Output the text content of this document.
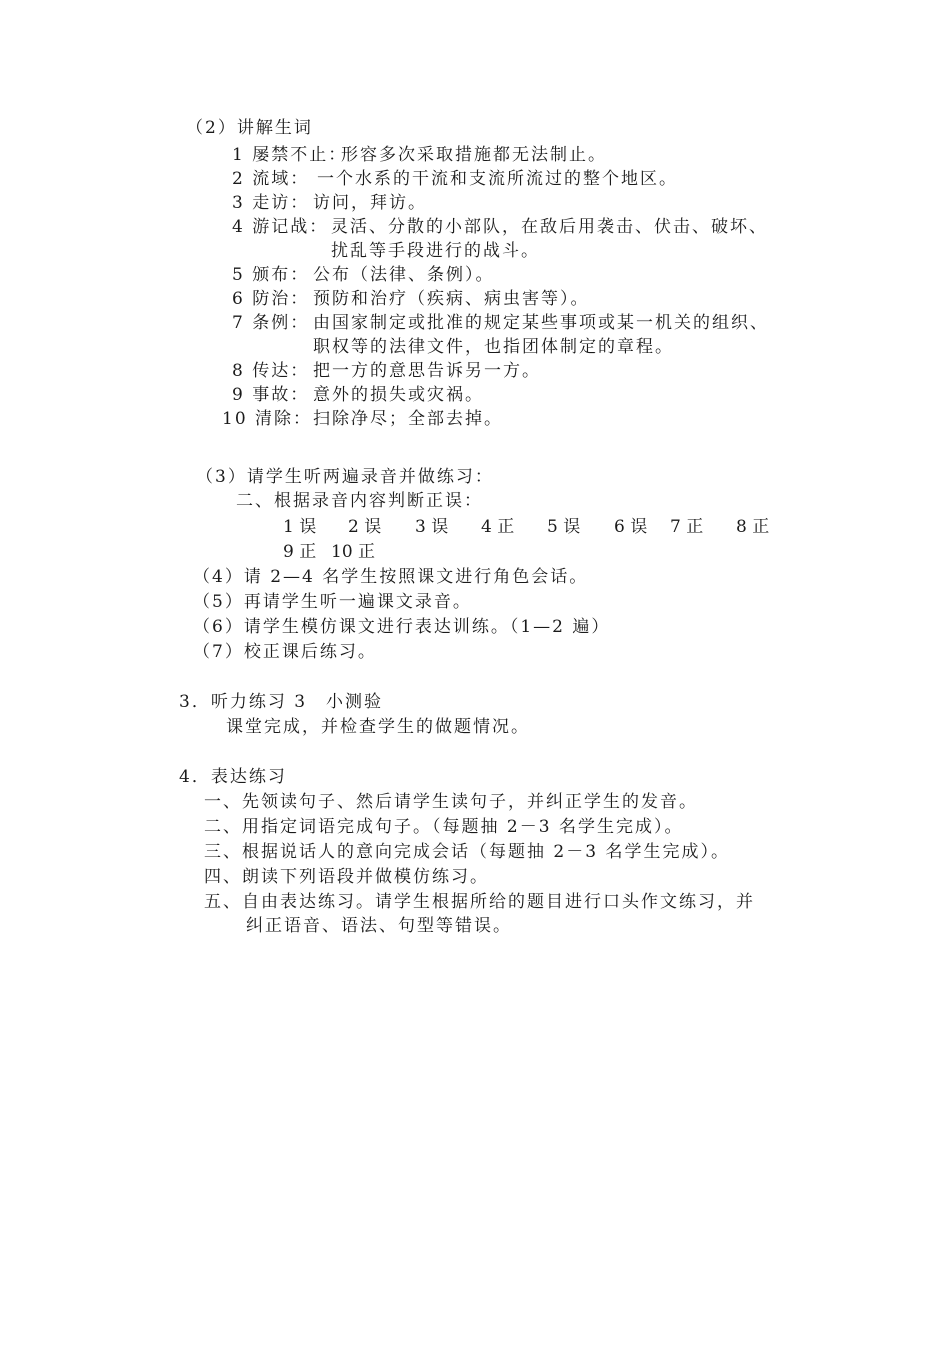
（2）讲解生词
1 屡禁不止：
形容多次采取措施都无法制止。
2 流域： 一个水系的干流和支流所流过的整个地区。
3 走访： 访问，拜访。
4 游记战： 灵活、分散的小部队，在敌后用袭击、伏击、破坏、
扰乱等手段进行的战斗。
5 颁布： 公布（法律、条例）。
6 防治： 预防和治疗（疾病、病虫害等）。
7 条例： 由国家制定或批准的规定某些事项或某一机关的组织、
职权等的法律文件，也指团体制定的章程。
8 传达： 把一方的意思告诉另一方。
9 事故： 意外的损失或灾祸。
10 清除： 扫除净尽；全部去掉。
（3）请学生听两遍录音并做练习：
二、根据录音内容判断正误：
1 误 2 误 3 误 4 正 5 误 6 误 7 正 8 正
9 正 10 正
（4）请 2—4 名学生按照课文进行角色会话。
（5）再请学生听一遍课文录音。
（6）请学生模仿课文进行表达训练。（1—2 遍）
（7）校正课后练习。
3．听力练习 3　小测验
课堂完成，并检查学生的做题情况。
4．表达练习
一、先领读句子、然后请学生读句子，并纠正学生的发音。
二、用指定词语完成句子。（每题抽 2－3 名学生完成）。
三、根据说话人的意向完成会话（每题抽 2－3 名学生完成）。
四、朗读下列语段并做模仿练习。
五、自由表达练习。请学生根据所给的题目进行口头作文练习，并
纠正语音、语法、句型等错误。
